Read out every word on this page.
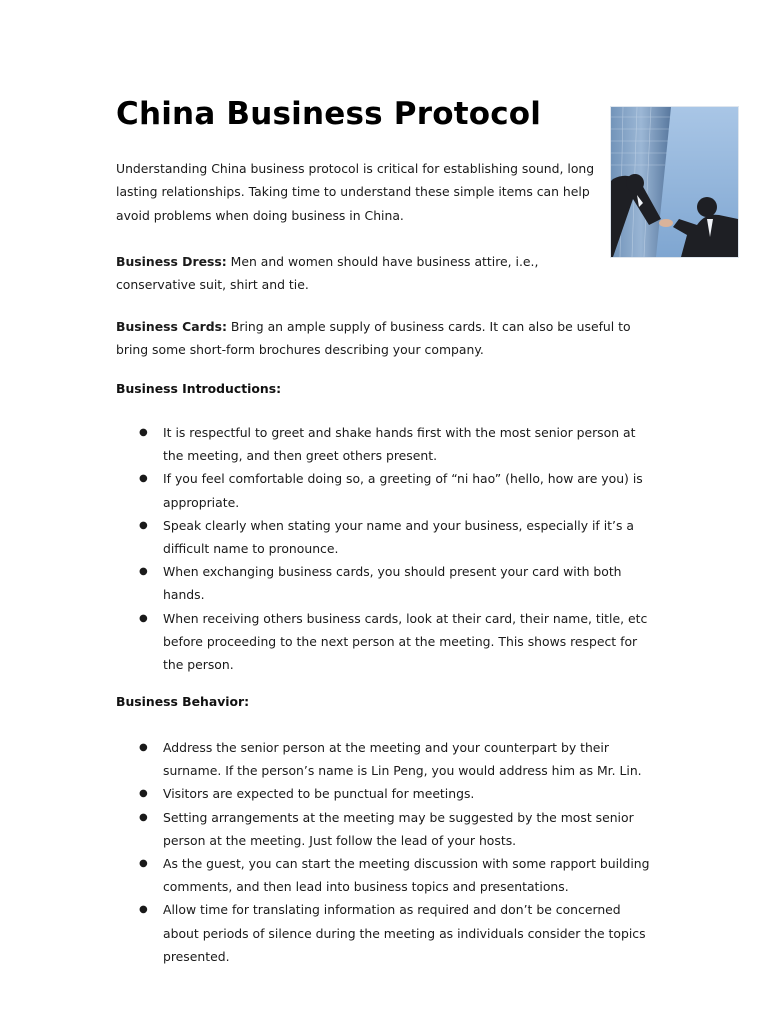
China Business Protocol
Understanding China business protocol is critical for establishing sound, long lasting relationships. Taking time to understand these simple items can help avoid problems when doing business in China.
Business Dress: Men and women should have business attire, i.e., conservative suit, shirt and tie.
Business Cards: Bring an ample supply of business cards. It can also be useful to bring some short-form brochures describing your company.
Business Introductions:
● It is respectful to greet and shake hands first with the most senior person at the meeting, and then greet others present.
● If you feel comfortable doing so, a greeting of “ni hao” (hello, how are you) is appropriate.
● Speak clearly when stating your name and your business, especially if it’s a difficult name to pronounce.
● When exchanging business cards, you should present your card with both hands.
● When receiving others business cards, look at their card, their name, title, etc before proceeding to the next person at the meeting. This shows respect for the person.
Business Behavior:
● Address the senior person at the meeting and your counterpart by their surname. If the person’s name is Lin Peng, you would address him as Mr. Lin.
● Visitors are expected to be punctual for meetings.
● Setting arrangements at the meeting may be suggested by the most senior person at the meeting. Just follow the lead of your hosts.
● As the guest, you can start the meeting discussion with some rapport building comments, and then lead into business topics and presentations.
● Allow time for translating information as required and don’t be concerned about periods of silence during the meeting as individuals consider the topics presented.
